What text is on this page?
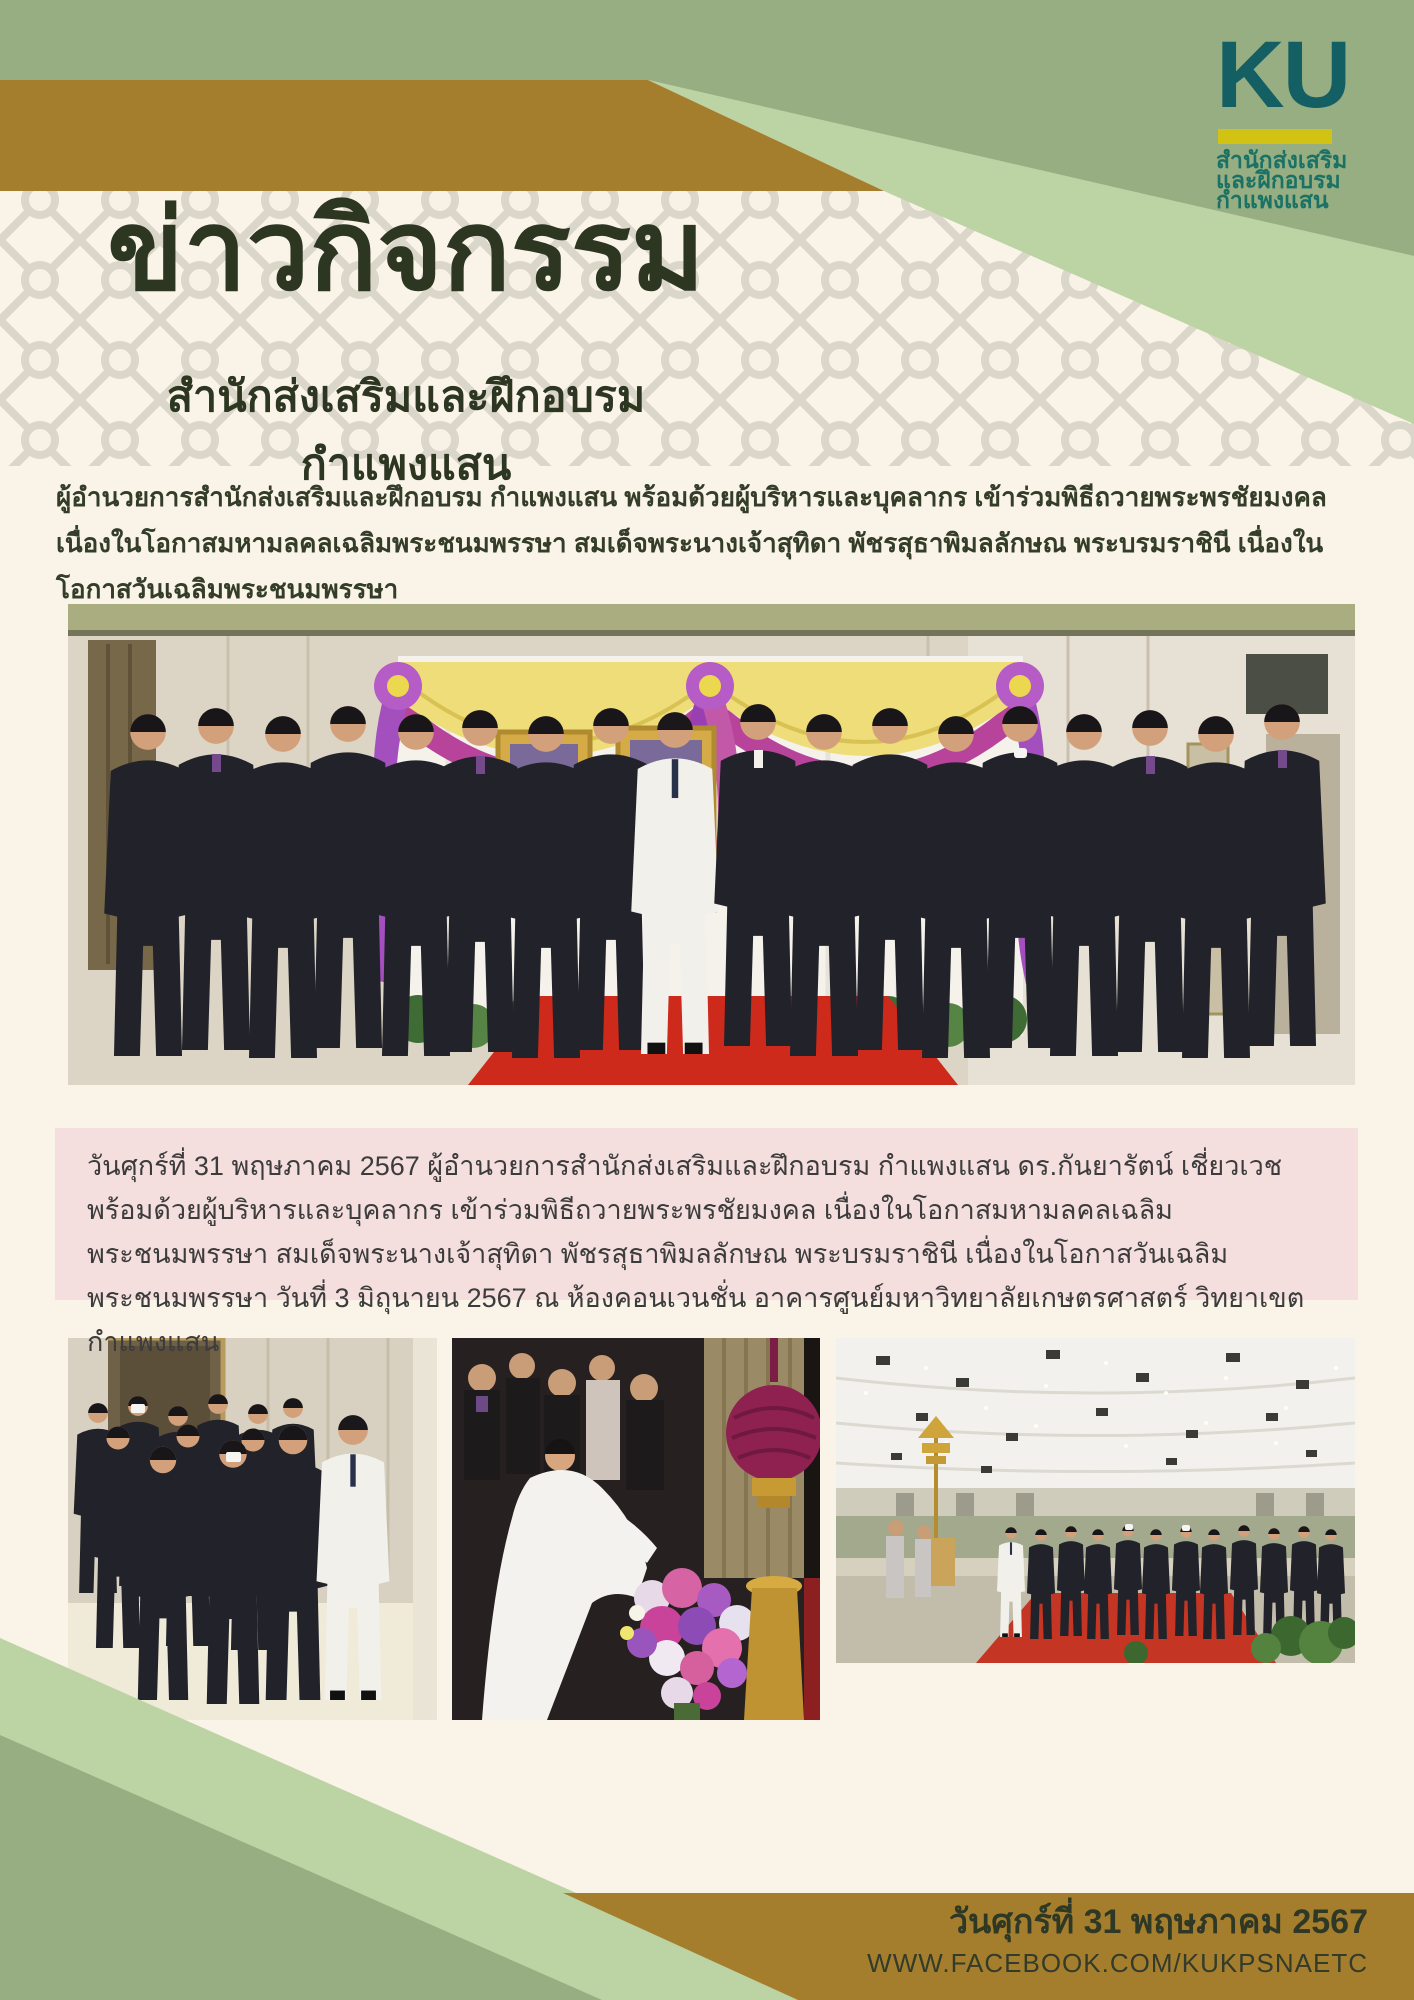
KU
สำนักส่งเสริม
และฝึกอบรม
กำแพงแสน
ข่าวกิจกรรม
สำนักส่งเสริมและฝึกอบรม กำแพงแสน
ผู้อำนวยการสำนักส่งเสริมและฝึกอบรม กำแพงแสน พร้อมด้วยผู้บริหารและบุคลากร เข้าร่วมพิธีถวายพระพรชัยมงคล เนื่องในโอกาสมหามลคลเฉลิมพระชนมพรรษา สมเด็จพระนางเจ้าสุทิดา พัชรสุธาพิมลลักษณ พระบรมราชินี เนื่องในโอกาสวันเฉลิมพระชนมพรรษา

วันศุกร์ที่ 31 พฤษภาคม 2567 ผู้อำนวยการสำนักส่งเสริมและฝึกอบรม กำแพงแสน ดร.กันยารัตน์ เชี่ยวเวช พร้อมด้วยผู้บริหารและบุคลากร เข้าร่วมพิธีถวายพระพรชัยมงคล เนื่องในโอกาสมหามลคลเฉลิมพระชนมพรรษา สมเด็จพระนางเจ้าสุทิดา พัชรสุธาพิมลลักษณ พระบรมราชินี เนื่องในโอกาสวันเฉลิมพระชนมพรรษา วันที่ 3 มิถุนายน 2567 ณ ห้องคอนเวนชั่น อาคารศูนย์มหาวิทยาลัยเกษตรศาสตร์ วิทยาเขต กำแพงแสน

วันศุกร์ที่ 31 พฤษภาคม 2567
WWW.FACEBOOK.COM/KUKPSNAETC
